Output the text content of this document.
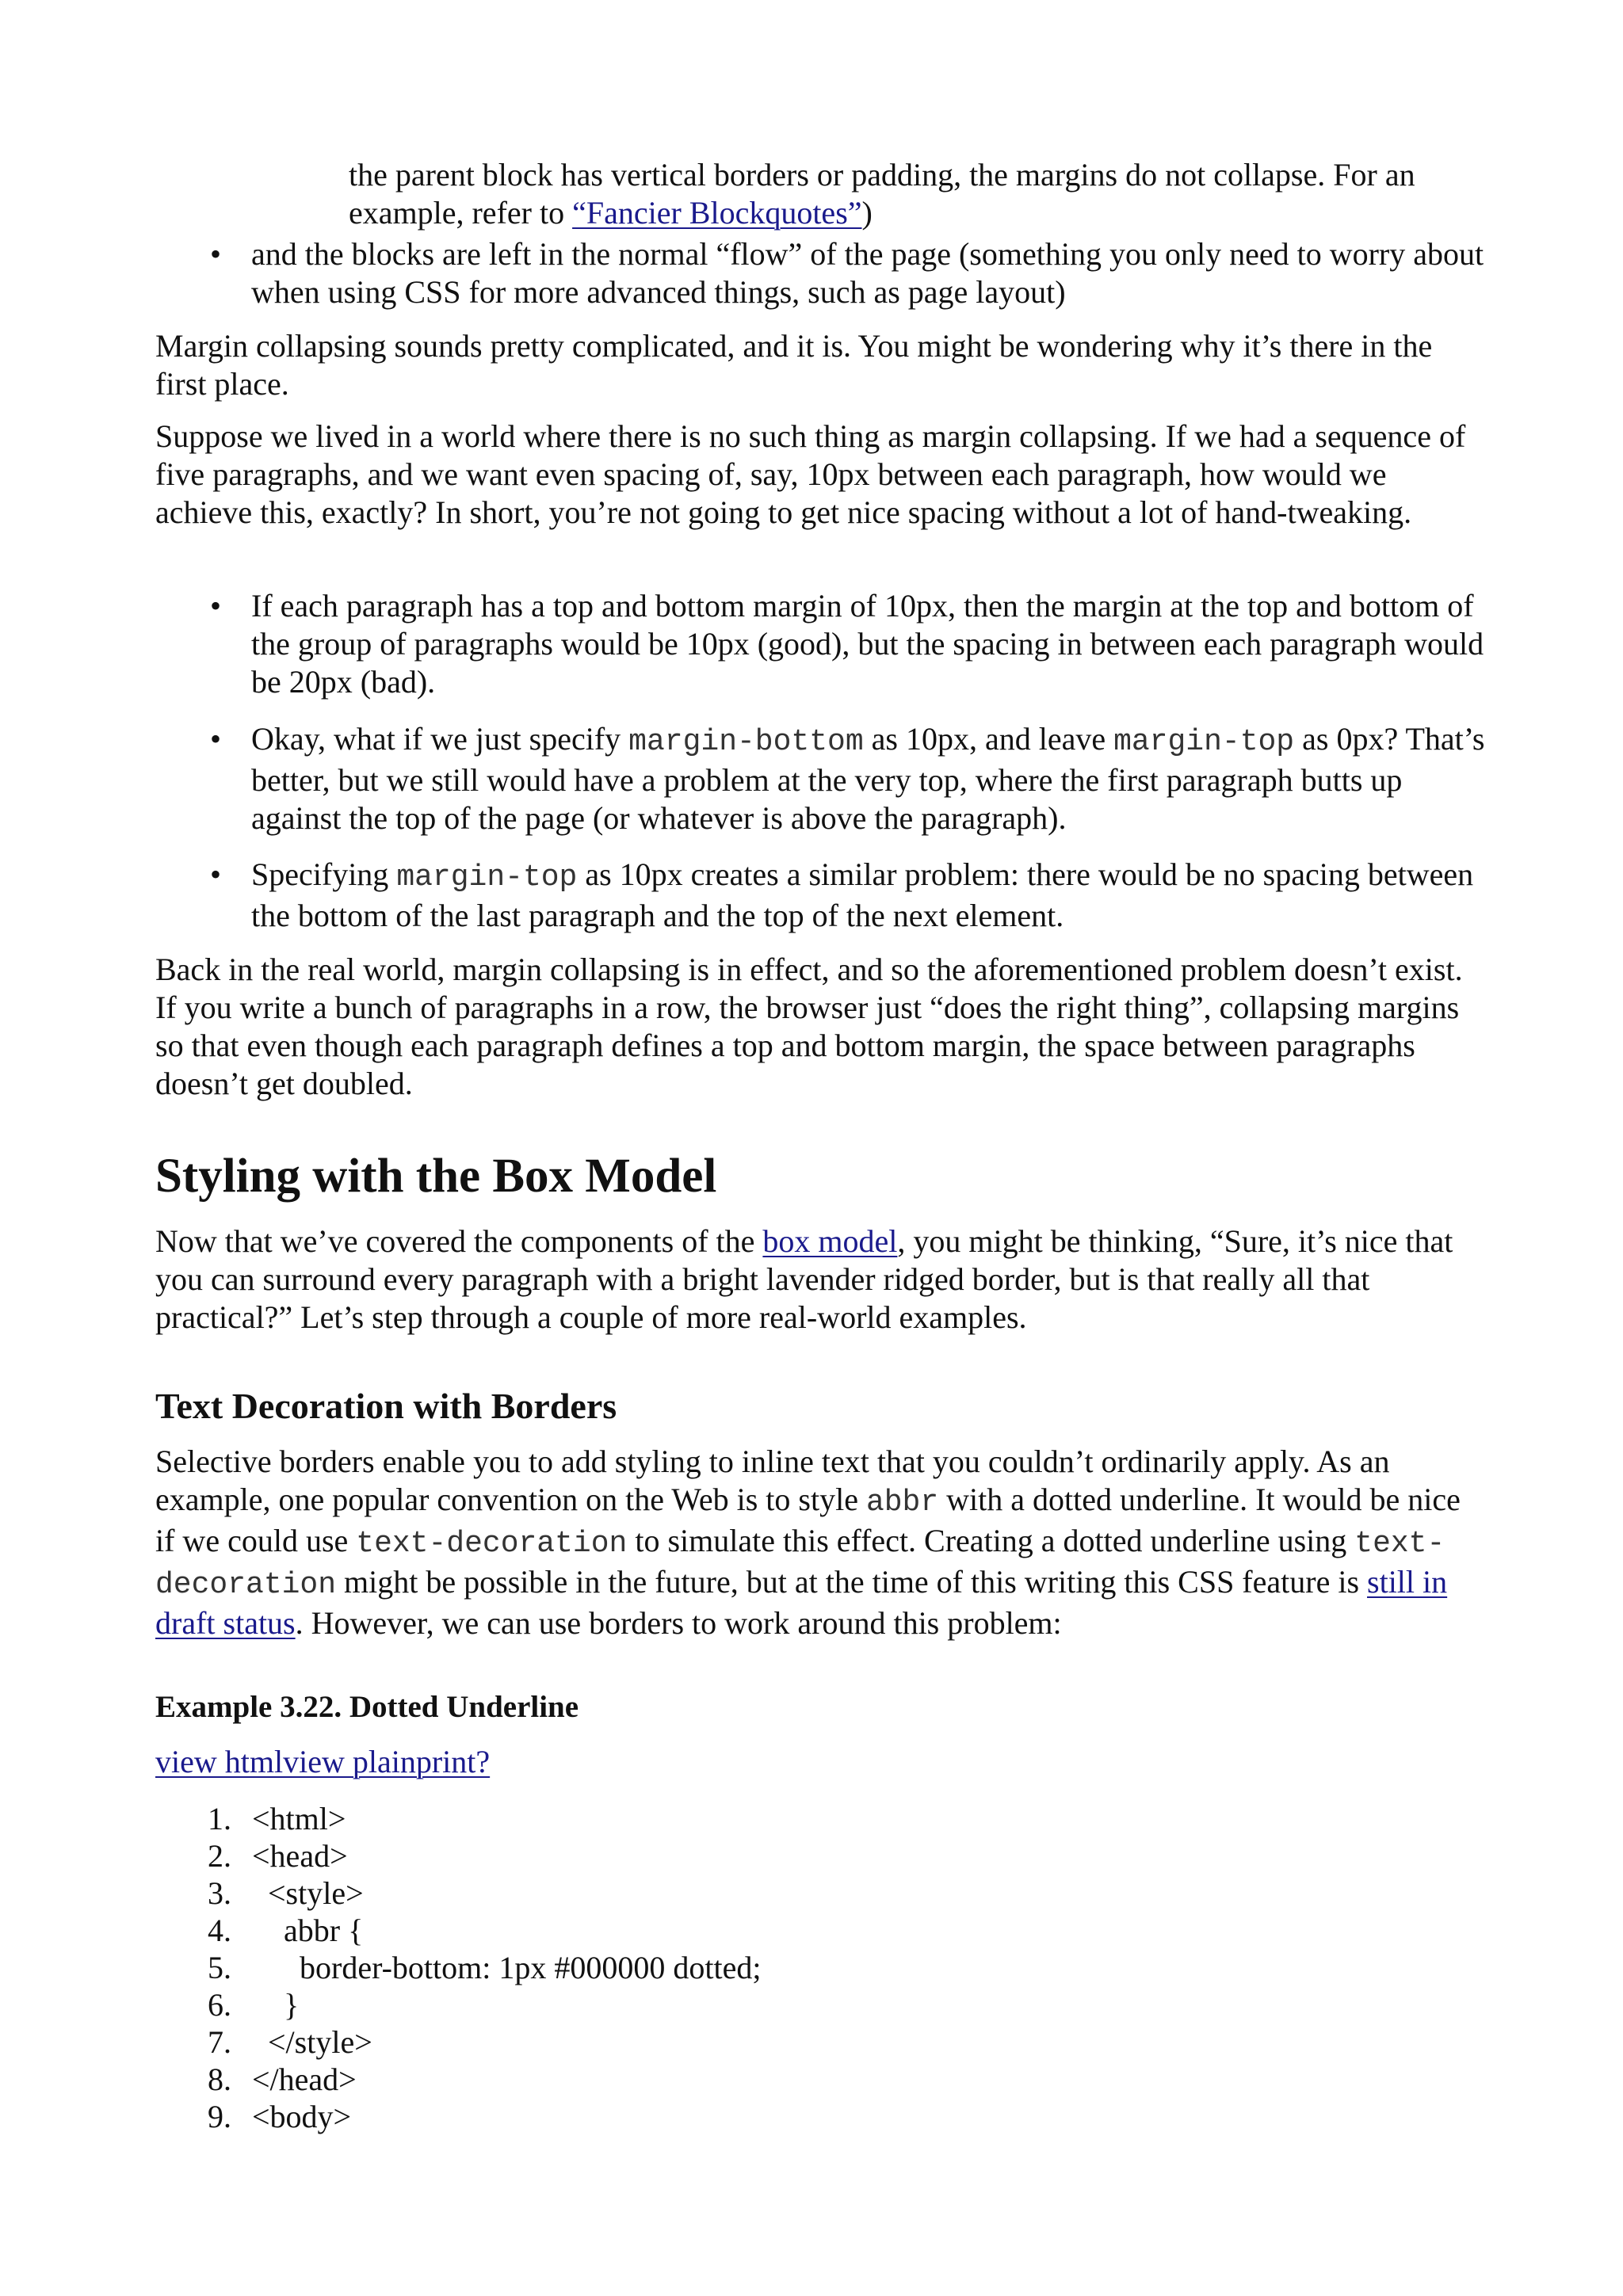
the parent block has vertical borders or padding, the margins do not collapse. For an
example, refer to “Fancier Blockquotes”)

• and the blocks are left in the normal “flow” of the page (something you only need to worry about when using CSS for more advanced things, such as page layout)

Margin collapsing sounds pretty complicated, and it is. You might be wondering why it’s there in the first place.

Suppose we lived in a world where there is no such thing as margin collapsing. If we had a sequence of five paragraphs, and we want even spacing of, say, 10px between each paragraph, how would we achieve this, exactly? In short, you’re not going to get nice spacing without a lot of hand-tweaking.

• If each paragraph has a top and bottom margin of 10px, then the margin at the top and bottom of the group of paragraphs would be 10px (good), but the spacing in between each paragraph would be 20px (bad).

• Okay, what if we just specify margin-bottom as 10px, and leave margin-top as 0px? That’s better, but we still would have a problem at the very top, where the first paragraph butts up against the top of the page (or whatever is above the paragraph).

• Specifying margin-top as 10px creates a similar problem: there would be no spacing between the bottom of the last paragraph and the top of the next element.

Back in the real world, margin collapsing is in effect, and so the aforementioned problem doesn’t exist. If you write a bunch of paragraphs in a row, the browser just “does the right thing”, collapsing margins so that even though each paragraph defines a top and bottom margin, the space between paragraphs doesn’t get doubled.

Styling with the Box Model

Now that we’ve covered the components of the box model, you might be thinking, “Sure, it’s nice that you can surround every paragraph with a bright lavender ridged border, but is that really all that practical?” Let’s step through a couple of more real-world examples.

Text Decoration with Borders

Selective borders enable you to add styling to inline text that you couldn’t ordinarily apply. As an example, one popular convention on the Web is to style abbr with a dotted underline. It would be nice if we could use text-decoration to simulate this effect. Creating a dotted underline using text-decoration might be possible in the future, but at the time of this writing this CSS feature is still in draft status. However, we can use borders to work around this problem:

Example 3.22. Dotted Underline

view htmlview plainprint?

1. <html>
2. <head>
3.  <style>
4.    abbr {
5.      border-bottom: 1px #000000 dotted;
6.    }
7.  </style>
8. </head>
9. <body>
